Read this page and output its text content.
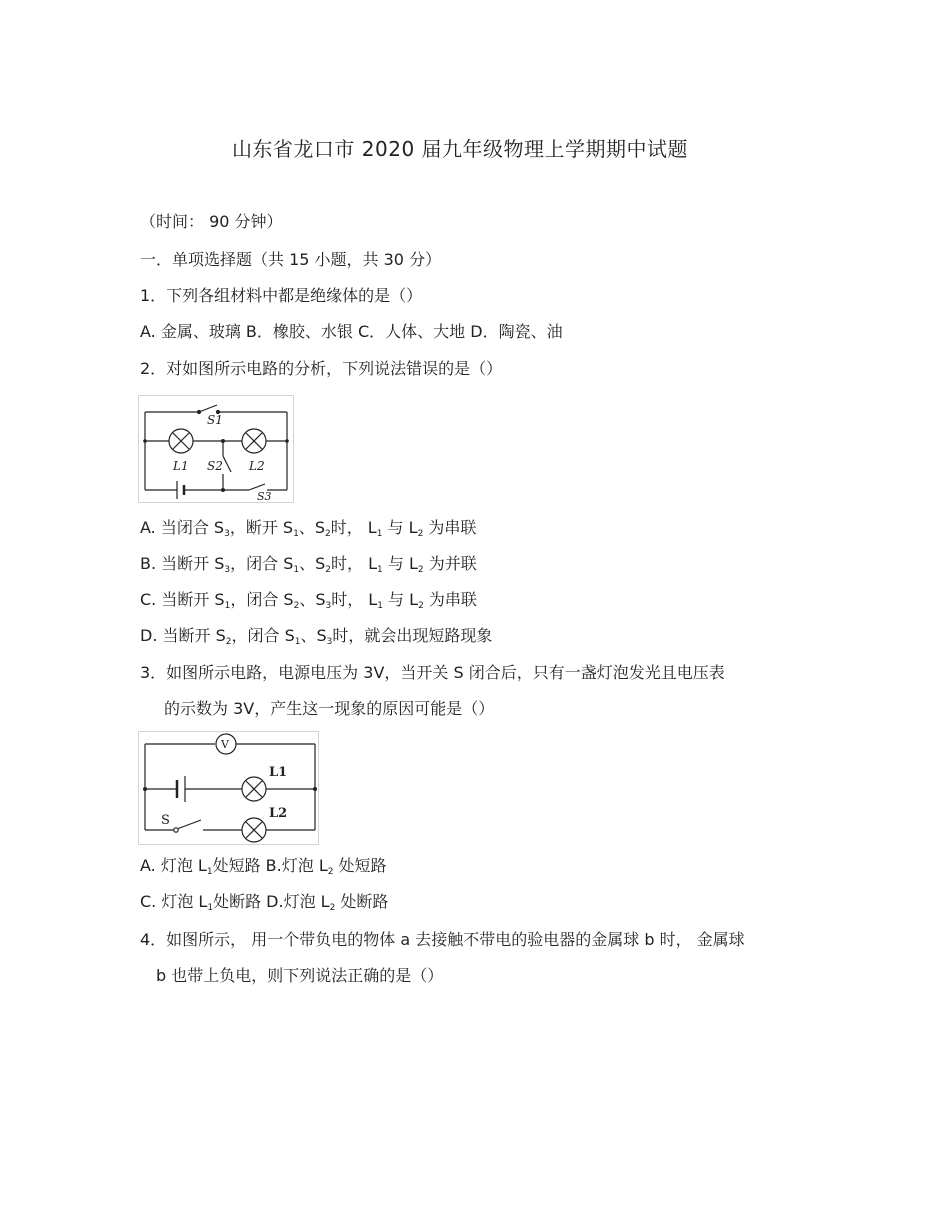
山东省龙口市 2020 届九年级物理上学期期中试题
（时间： 90 分钟）
一．单项选择题（共 15 小题，共 30 分）
1．下列各组材料中都是绝缘体的是（）
A. 金属、玻璃 B．橡胶、水银 C．人体、大地 D．陶瓷、油
2．对如图所示电路的分析，下列说法错误的是（）
S1
L1 S2 L2
S3
A. 当闭合 S3，断开 S1、S2时， L1 与 L2 为串联
B. 当断开 S3，闭合 S1、S2时， L1 与 L2 为并联
C. 当断开 S1，闭合 S2、S3时， L1 与 L2 为串联
D. 当断开 S2，闭合 S1、S3时，就会出现短路现象
3．如图所示电路，电源电压为 3V，当开关 S 闭合后，只有一盏灯泡发光且电压表
的示数为 3V，产生这一现象的原因可能是（）
V
L1
S	L2
A. 灯泡 L1处短路 B.灯泡 L2 处短路
C. 灯泡 L1处断路 D.灯泡 L2 处断路
4．如图所示， 用一个带负电的物体 a 去接触不带电的验电器的金属球 b 时， 金属球
b 也带上负电，则下列说法正确的是（）
